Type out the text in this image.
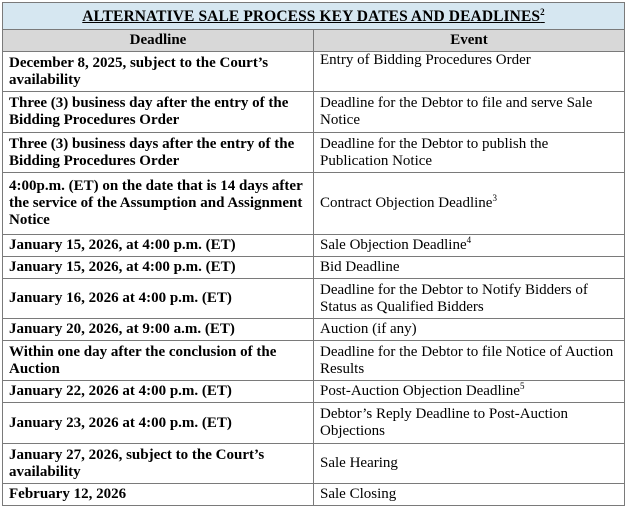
ALTERNATIVE SALE PROCESS KEY DATES AND DEADLINES$^2$
Deadline	Event
December 8, 2025, subject to the Court’s availability	Entry of Bidding Procedures Order
Three (3) business day after the entry of the Bidding Procedures Order	Deadline for the Debtor to file and serve Sale Notice
Three (3) business days after the entry of the Bidding Procedures Order	Deadline for the Debtor to publish the Publication Notice
4:00p.m. (ET) on the date that is 14 days after the service of the Assumption and Assignment Notice	Contract Objection Deadline$^3$
January 15, 2026, at 4:00 p.m. (ET)	Sale Objection Deadline$^4$
January 15, 2026, at 4:00 p.m. (ET)	Bid Deadline
January 16, 2026 at 4:00 p.m. (ET)	Deadline for the Debtor to Notify Bidders of Status as Qualified Bidders
January 20, 2026, at 9:00 a.m. (ET)	Auction (if any)
Within one day after the conclusion of the Auction	Deadline for the Debtor to file Notice of Auction Results
January 22, 2026 at 4:00 p.m. (ET)	Post-Auction Objection Deadline$^5$
January 23, 2026 at 4:00 p.m. (ET)	Debtor’s Reply Deadline to Post-Auction Objections
January 27, 2026, subject to the Court’s availability	Sale Hearing
February 12, 2026	Sale Closing
